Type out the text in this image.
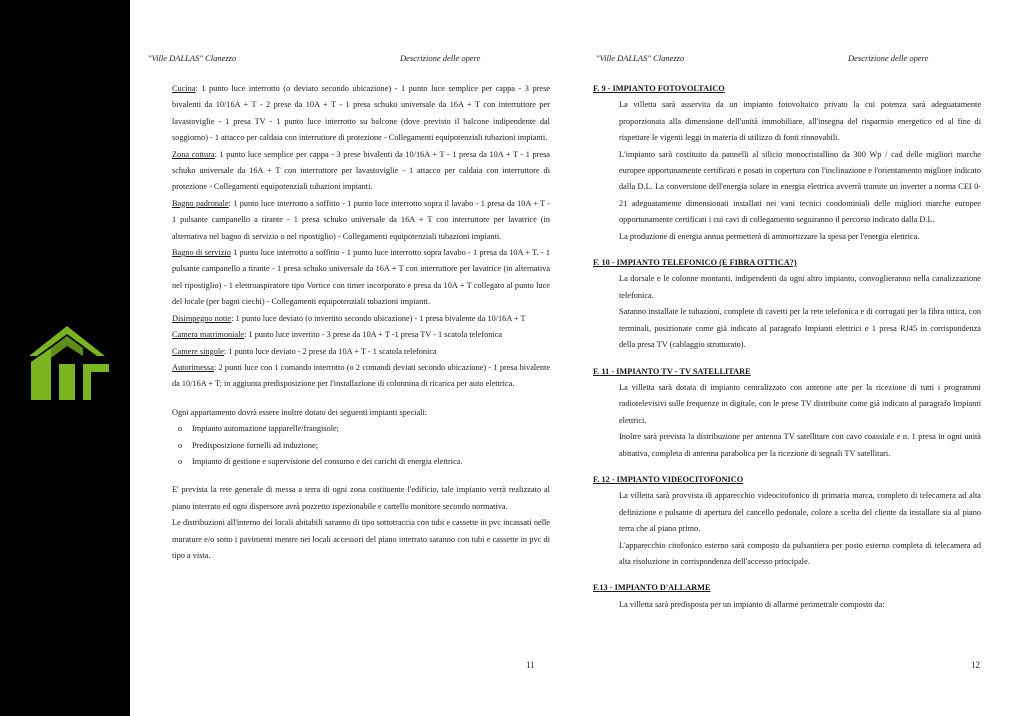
"Ville DALLAS" Clanezzo	Descrizione delle opere

Cucina: 1 punto luce interrotto (o deviato secondo ubicazione) - 1 punto luce semplice per cappa - 3 prese bivalenti da 10/16A + T - 2 prese da 10A + T - 1 presa schuko universale da 16A + T con interruttore per lavastoviglie - 1 presa TV - 1 punto luce interrotto su balcone (dove previsto il balcone indipendente dal soggiorno) - 1 attacco per caldaia con interruttore di protezione - Collegamenti equipotenziali tubazioni impianti.

Zona cottura: 1 punto luce semplice per cappa - 3 prese bivalenti da 10/16A + T - 1 presa da 10A + T - 1 presa schuko universale da 16A + T con interruttore per lavastoviglie - 1 attacco per caldaia con interruttore di protezione - Collegamenti equipotenziali tubazioni impianti.

Bagno padronale: 1 punto luce interrotto a soffitto - 1 punto luce interrotto sopra il lavabo - 1 presa da 10A + T - 1 pulsante campanello a tirante - 1 presa schuko universale da 16A + T con interruttore per lavatrice (in alternativa nel bagno di servizio o nel ripostiglio) - Collegamenti equipotenziali tubazioni impianti.

Bagno di servizio 1 punto luce interrotto a soffitto - 1 punto luce interrotto sopra lavabo - 1 presa da 10A + T. - 1 pulsante campanello a tirante - 1 presa schuko universale da 16A + T con interruttore per lavatrice (in alternativa nel ripostiglio) - 1 elettroaspiratore tipo Vortice con timer incorporato e presa da 10A + T collegato al punto luce del locale (per bagni ciechi) - Collegamenti equipotenziali tubazioni impianti.

Disimpegno notte: 1 punto luce deviato (o invertito secondo ubicazione) - 1 presa bivalente da 10/16A + T

Camera matrimoniale: 1 punto luce invertito - 3 prese da 10A + T -1 presa TV - 1 scatola telefonica

Camere singole: 1 punto luce deviato - 2 prese da 10A + T - 1 scatola telefonica

Autorimessa: 2 punti luce con 1 comando interrotto (o 2 comandi deviati secondo ubicazione) - 1 presa bivalente da 10/16A + T; in aggiunta predisposizione per l'installazione di colonnina di ricarica per auto elettrica.

Ogni appartamento dovrà essere inoltre dotato dei seguenti impianti speciali:

o Impianto automazione tapparelle/frangisole;
o Predisposizione fornelli ad induzione;
o Impianto di gestione e supervisione del consumo e dei carichi di energia elettrica.

E' prevista la rete generale di messa a terra di ogni zona costituente l'edificio, tale impianto verrà realizzato al piano interrato ed ogni dispersore avrà pozzetto ispezionabile e cartello monitore secondo normativa.

Le distribuzioni all'interno dei locali abitabili saranno di tipo sottotraccia con tubi e cassette in pvc incassati nelle murature e/o sotto i pavimenti mentre nei locali accessori del piano interrato saranno con tubi e cassette in pvc di tipo a vista.

11
"Ville DALLAS" Clanezzo	Descrizione delle opere
F. 9 - IMPIANTO FOTOVOLTAICO

La villetta sarà asservita da un impianto fotovoltaico privato la cui potenza sarà adeguatamente proporzionata alla dimensione dell'unità immobiliare, all'insegna del risparmio energetico ed al fine di rispettare le vigenti leggi in materia di utilizzo di fonti rinnovabili.

L'impianto sarà costituito da pannelli al silicio monocristallino da 300 Wp / cad delle migliori marche europee opportunamente certificati e posati in copertura con l'inclinazione e l'orientamento migliore indicato dalla D.L. La conversione dell'energia solare in energia elettrica avverrà tramite un inverter a norma CEI 0-21 adeguatamente dimensionati installati nei vani tecnici condominiali delle migliori marche europee opportunamente certificati i cui cavi di collegamento seguiranno il percorso indicato dalla D.L.

La produzione di energia annua permetterà di ammortizzare la spesa per l'energia elettrica.

F. 10 - IMPIANTO TELEFONICO (E FIBRA OTTICA?)

La dorsale e le colonne montanti, indipendenti da ogni altro impianto, convoglieranno nella canalizzazione telefonica.

Saranno installate le tubazioni, complete di cavetti per la rete telefonica e di corrugati per la fibra ottica, con terminali, posizionate come già indicato al paragrafo Impianti elettrici e 1 presa RJ45 in corrispondenza della presa TV (cablaggio strutturato).

F. 11 - IMPIANTO TV - TV SATELLITARE

La villetta sarà dotata di impianto centralizzato con antenne atte per la ricezione di tutti i programmi radiotelevisivi sulle frequenze in digitale, con le prese TV distribuite come già indicato al paragrafo Impianti elettrici.

Inoltre sarà prevista la distribuzione per antenna TV satellitare con cavo coassiale e n. 1 presa in ogni unità abitativa, completa di antenna parabolica per la ricezione di segnali TV satellitari.

F. 12 - IMPIANTO VIDEOCITOFONICO

La villetta sarà provvista di apparecchio videocitofonico di primaria marca, completo di telecamera ad alta definizione e pulsante di apertura del cancello pedonale, colore a scelta del cliente da installare sia al piano terra che al piano primo.

L'apparecchio citofonico esterno sarà composto da pulsantiera per posto esterno completa di telecamera ad alta risoluzione in corrispondenza dell'accesso principale.

F.13 - IMPIANTO D'ALLARME

La villetta sarà predisposta per un impianto di allarme perimetrale composto da:

12
